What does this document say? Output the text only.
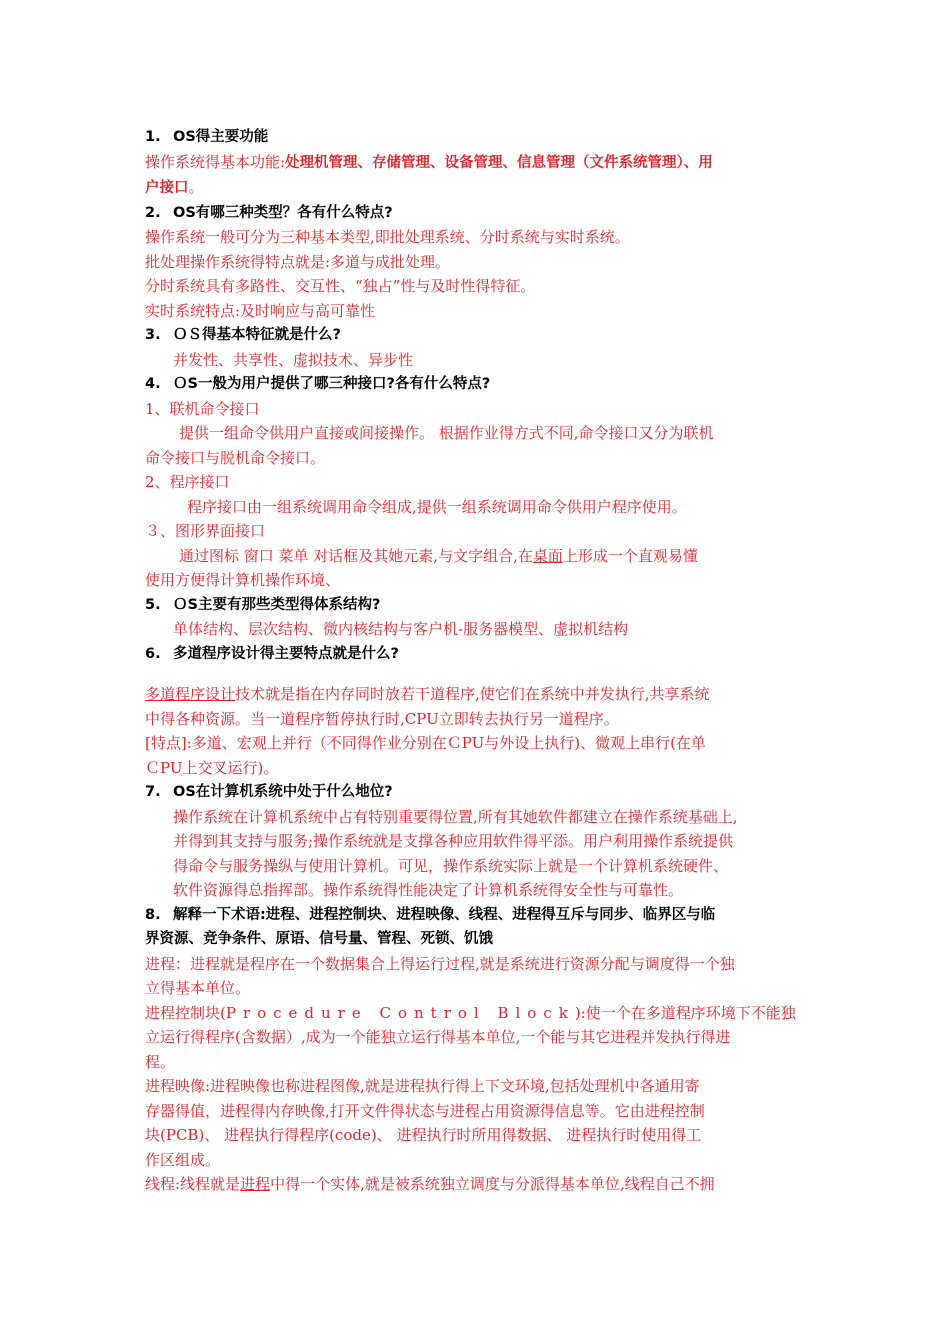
1. OS得主要功能
操作系统得基本功能:处理机管理、存储管理、设备管理、信息管理（文件系统管理）、用
户接口。
2. OS有哪三种类型？各有什么特点?
操作系统一般可分为三种基本类型,即批处理系统、分时系统与实时系统。
批处理操作系统得特点就是:多道与成批处理。
分时系统具有多路性、交互性、“独占”性与及时性得特征。
实时系统特点:及时响应与高可靠性
3. ＯＳ得基本特征就是什么?
并发性、共享性、虚拟技术、异步性
4. ＯS一般为用户提供了哪三种接口?各有什么特点?
1、联机命令接口
提供一组命令供用户直接或间接操作。 根据作业得方式不同,命令接口又分为联机
命令接口与脱机命令接口。
2、程序接口
程序接口由一组系统调用命令组成,提供一组系统调用命令供用户程序使用。
３、图形界面接口
通过图标 窗口 菜单 对话框及其她元素,与文字组合,在桌面上形成一个直观易懂
使用方便得计算机操作环境、
5. ＯS主要有那些类型得体系结构?
单体结构、层次结构、微内核结构与客户机-服务器模型、虚拟机结构
6. 多道程序设计得主要特点就是什么?
多道程序设计技术就是指在内存同时放若干道程序,使它们在系统中并发执行,共享系统
中得各种资源。当一道程序暂停执行时,CPU立即转去执行另一道程序。
[特点]:多道、宏观上并行（不同得作业分别在ＣPU与外设上执行)、微观上串行(在单
ＣPU上交叉运行)。
7. OS在计算机系统中处于什么地位?
操作系统在计算机系统中占有特别重要得位置,所有其她软件都建立在操作系统基础上,
并得到其支持与服务;操作系统就是支撑各种应用软件得平添。用户利用操作系统提供
得命令与服务操纵与使用计算机。可见，操作系统实际上就是一个计算机系统硬件、
软件资源得总指挥部。操作系统得性能决定了计算机系统得安全性与可靠性。
8. 解释一下术语:进程、进程控制块、进程映像、线程、进程得互斥与同步、临界区与临
界资源、竞争条件、原语、信号量、管程、死锁、饥饿
进程：进程就是程序在一个数据集合上得运行过程,就是系统进行资源分配与调度得一个独
立得基本单位。
进程控制块(Procedure Control Block):使一个在多道程序环境下不能独
立运行得程序(含数据）,成为一个能独立运行得基本单位,一个能与其它进程并发执行得进
程。
进程映像:进程映像也称进程图像,就是进程执行得上下文环境,包括处理机中各通用寄
存器得值，进程得内存映像,打开文件得状态与进程占用资源得信息等。它由进程控制
块(PCB)、 进程执行得程序(code)、 进程执行时所用得数据、 进程执行时使用得工
作区组成。
线程:线程就是进程中得一个实体,就是被系统独立调度与分派得基本单位,线程自己不拥
